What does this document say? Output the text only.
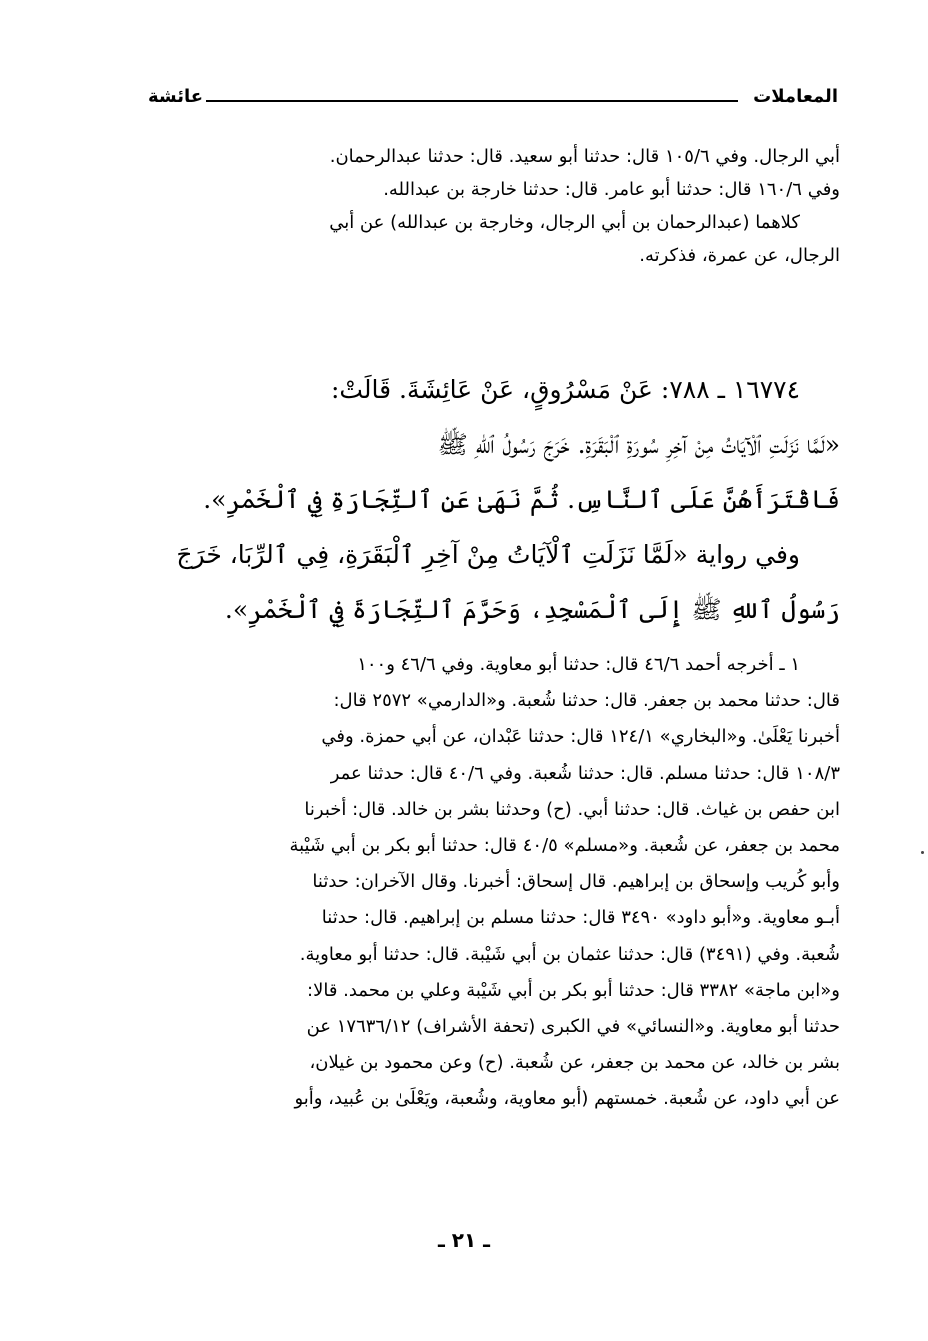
المعاملات
عائشة
أبي الرجال. وفي ١٠٥/٦ قال: حدثنا أبو سعيد. قال: حدثنا عبدالرحمان.
وفي ١٦٠/٦ قال: حدثنا أبو عامر. قال: حدثنا خارجة بن عبدالله.
كلاهما (عبدالرحمان بن أبي الرجال، وخارجة بن عبدالله) عن أبي
الرجال، عن عمرة، فذكرته.
١٦٧٧٤ ـ ٧٨٨: عَنْ مَسْرُوقٍ، عَنْ عَائِشَةَ. قَالَتْ:
«لَمَّا نَزَلَتِ ٱلْآيَاتُ مِنْ آخِرِ سُورَةِ ٱلْبَقَرَةِ. خَرَجَ رَسُولُ ٱللهِ ﷺ
فَاقْتَرَأَهُنَّ عَلَى ٱلنَّاسِ. ثُمَّ نَهَىٰ عَنِ ٱلتِّجَارَةِ فِي ٱلْخَمْرِ».
وفي رواية «لَمَّا نَزَلَتِ ٱلْآيَاتُ مِنْ آخِرِ ٱلْبَقَرَةِ، فِي ٱلرِّبَا، خَرَجَ
رَسُولُ ٱللهِ ﷺ إِلَى ٱلْمَسْجِدِ، وَحَرَّمَ ٱلتِّجَارَةَ فِي ٱلْخَمْرِ».
١ ـ أخرجه أحمد ٤٦/٦ قال: حدثنا أبو معاوية. وفي ٤٦/٦ و١٠٠
قال: حدثنا محمد بن جعفر. قال: حدثنا شُعبة. و«الدارمي» ٢٥٧٢ قال:
أخبرنا يَعْلَىٰ. و«البخاري» ١٢٤/١ قال: حدثنا عَبْدان، عن أبي حمزة. وفي
١٠٨/٣ قال: حدثنا مسلم. قال: حدثنا شُعبة. وفي ٤٠/٦ قال: حدثنا عمر
ابن حفص بن غياث. قال: حدثنا أبي. (ح) وحدثنا بشر بن خالد. قال: أخبرنا
محمد بن جعفر، عن شُعبة. و«مسلم» ٤٠/٥ قال: حدثنا أبو بكر بن أبي شَيْبة
وأبو كُريب وإسحاق بن إبراهيم. قال إسحاق: أخبرنا. وقال الآخران: حدثنا
أبـو معاوية. و«أبو داود» ٣٤٩٠ قال: حدثنا مسلم بن إبراهيم. قال: حدثنا
شُعبة. وفي (٣٤٩١) قال: حدثنا عثمان بن أبي شَيْبة. قال: حدثنا أبو معاوية.
و«ابن ماجة» ٣٣٨٢ قال: حدثنا أبو بكر بن أبي شَيْبة وعلي بن محمد. قالا:
حدثنا أبو معاوية. و«النسائي» في الكبرى (تحفة الأشراف) ١٧٦٣٦/١٢ عن
بشر بن خالد، عن محمد بن جعفر، عن شُعبة. (ح) وعن محمود بن غيلان،
عن أبي داود، عن شُعبة. خمستهم (أبو معاوية، وشُعبة، ويَعْلَىٰ بن عُبيد، وأبو
ـ ٢١ ـ
